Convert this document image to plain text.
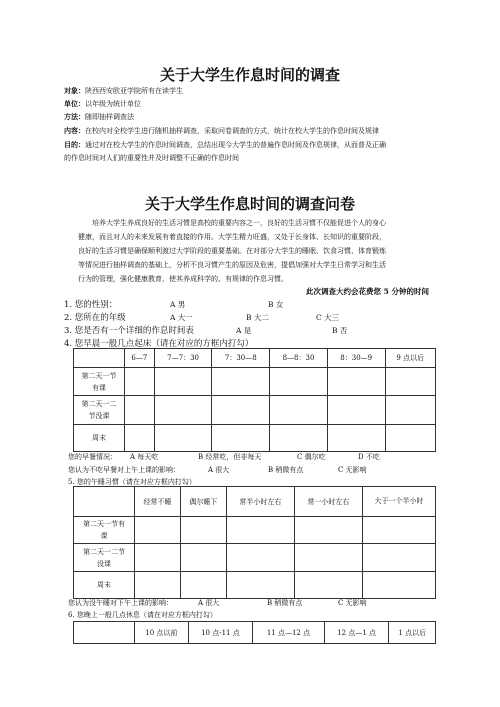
关于大学生作息时间的调查
对象：陕西西安欧亚学院所有在读学生
单位：以年级为统计单位
方法：随即抽样调查法
内容：在校内对全校学生进行随机抽样调查，采取问卷调查的方式，统计在校大学生的作息时间及规律
目的：通过对在校大学生的作息时间调查，总结出现今大学生的普遍作息时间及作息规律，从而普及正确
的作息时间对人们的重要性并及时调整不正确的作息时间
关于大学生作息时间的调查问卷
培养大学生养成良好的生活习惯是高校的重要内容之一，良好的生活习惯不仅能促进个人的身心
健康，而且对人的未来发展有着直接的作用。大学生精力旺盛，又处于长身体、长知识的重要阶段，
良好的生活习惯是确保顺利渡过大学阶段的重要基础。在对部分大学生的睡眠、饮食习惯、体育锻炼
等情况进行抽样调查的基础上，分析不良习惯产生的原因及危害，提倡加强对大学生日常学习和生活
行为的管理，强化健康教育，使其养成科学的、有规律的作息习惯。
此次调查大约会花费您 5 分钟的时间
1. 您的性别：	A 男	B 女
2. 您所在的年级	A 大一	B 大二	C 大三
3. 您是否有一个详细的作息时间表	A 是	B 否
4. 您早晨一般几点起床（请在对应的方框内打勾）
	6—7	7—7：30	7：30—8	8—8：30	8：30—9	9 点以后
第二天一节有课						
第二天一二节没课						
周末						
您的早餐情况： A 每天吃	B 经常吃，但非每天	C 偶尔吃	D 不吃
您认为不吃早餐对上午上课的影响：	A 很大	B 稍微有点	C 无影响
5. 您的午睡习惯（请在对应方框内打勾）
	经常不睡	偶尔睡下	常半小时左右	常一小时左右	大于一个半小时
第二天一节有课					
第二天一二节没课					
周末					
您认为没午睡对下午上课的影响：	A 很大	B 稍微有点	C 无影响
6. 您晚上一般几点休息（请在对应方框内打勾）
	10 点以前	10 点-11 点	11 点—12 点	12 点—1 点	1 点以后
